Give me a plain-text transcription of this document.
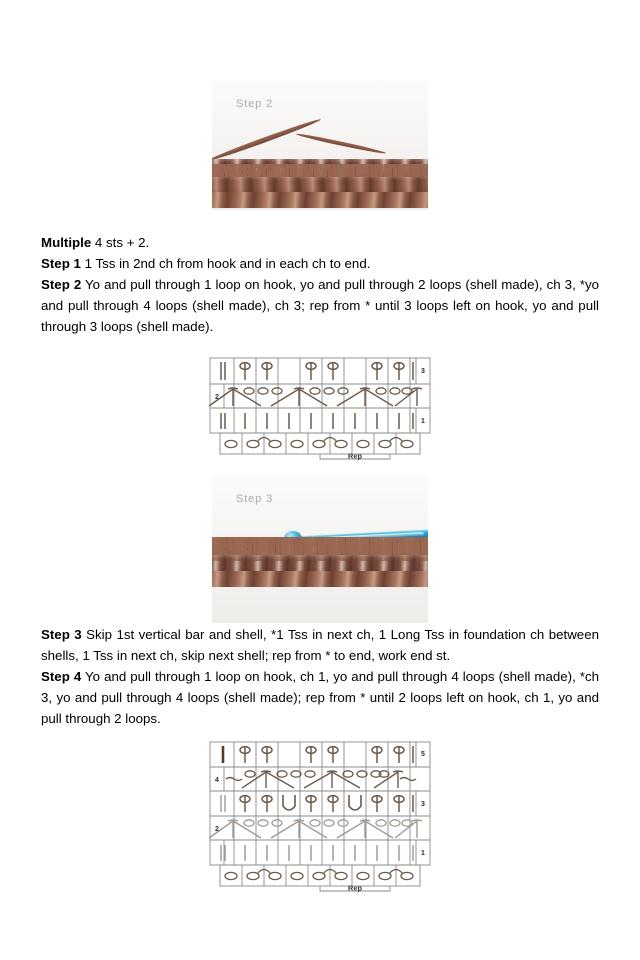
Step 2

Multiple 4 sts + 2.

Step 1 1 Tss in 2nd ch from hook and in each ch to end.

Step 2 Yo and pull through 1 loop on hook, yo and pull through 2 loops (shell made), ch 3, *yo and pull through 4 loops (shell made), ch 3; rep from * until 3 loops left on hook, yo and pull through 3 loops (shell made).

Rep
3
2
1
Step 3

Step 3 Skip 1st vertical bar and shell, *1 Tss in next ch, 1 Long Tss in foundation ch between shells, 1 Tss in next ch, skip next shell; rep from * to end, work end st.

Step 4 Yo and pull through 1 loop on hook, ch 1, yo and pull through 4 loops (shell made), *ch 3, yo and pull through 4 loops (shell made); rep from * until 2 loops left on hook, ch 1, yo and pull through 2 loops.

Rep
5
4
3
2
1
